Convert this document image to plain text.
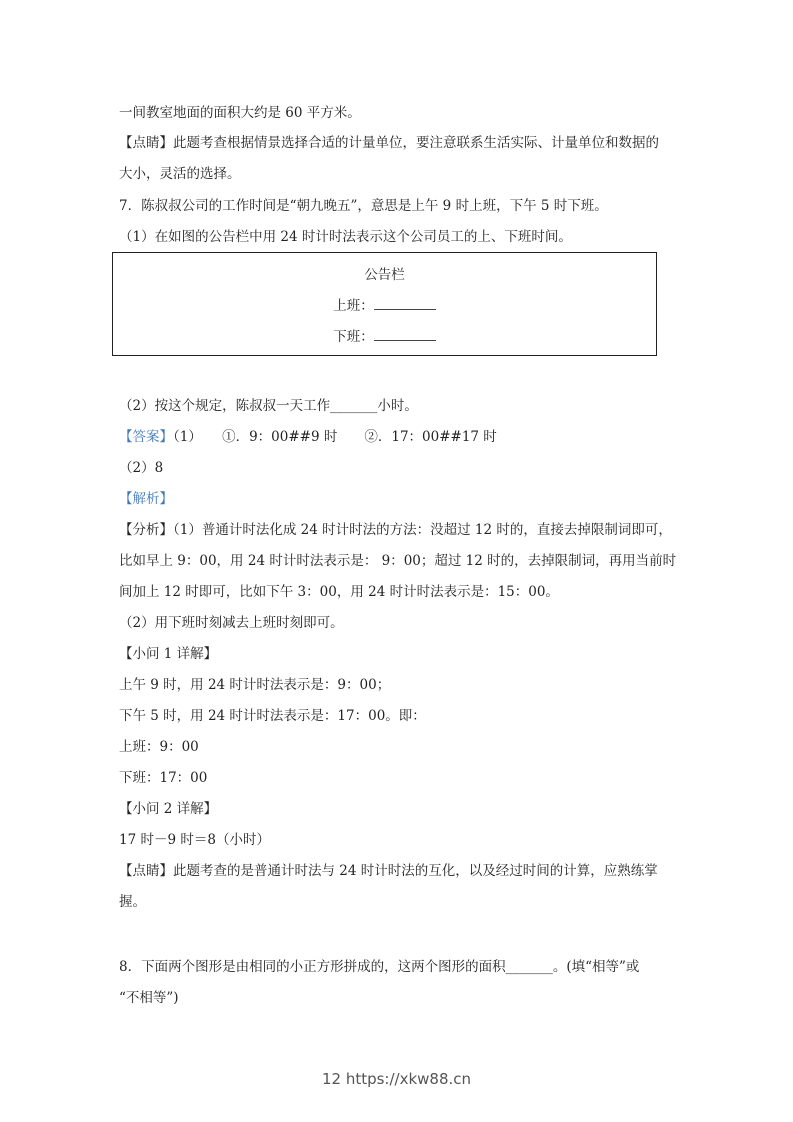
一间教室地面的面积大约是 60 平方米。
【点睛】此题考查根据情景选择合适的计量单位，要注意联系生活实际、计量单位和数据的
大小，灵活的选择。
7．陈叔叔公司的工作时间是“朝九晚五”，意思是上午 9 时上班，下午 5 时下班。
（1）在如图的公告栏中用 24 时计时法表示这个公司员工的上、下班时间。
公告栏
上班：
下班：
（2）按这个规定，陈叔叔一天工作_______小时。
【答案】（1）　　①．9：00##9 时　　②．17：00##17 时
（2）8
【解析】
【分析】（1）普通计时法化成 24 时计时法的方法：没超过 12 时的，直接去掉限制词即可，
比如早上 9：00，用 24 时计时法表示是： 9：00；超过 12 时的，去掉限制词，再用当前时
间加上 12 时即可，比如下午 3：00，用 24 时计时法表示是：15：00。
（2）用下班时刻减去上班时刻即可。
【小问 1 详解】
上午 9 时，用 24 时计时法表示是：9：00；
下午 5 时，用 24 时计时法表示是：17：00。即：
上班：9：00
下班：17：00
【小问 2 详解】
17 时－9 时＝8（小时）
【点睛】此题考查的是普通计时法与 24 时计时法的互化，以及经过时间的计算，应熟练掌
握。
8．下面两个图形是由相同的小正方形拼成的，这两个图形的面积_______。(填“相等”或
“不相等”)
12 https://xkw88.cn
